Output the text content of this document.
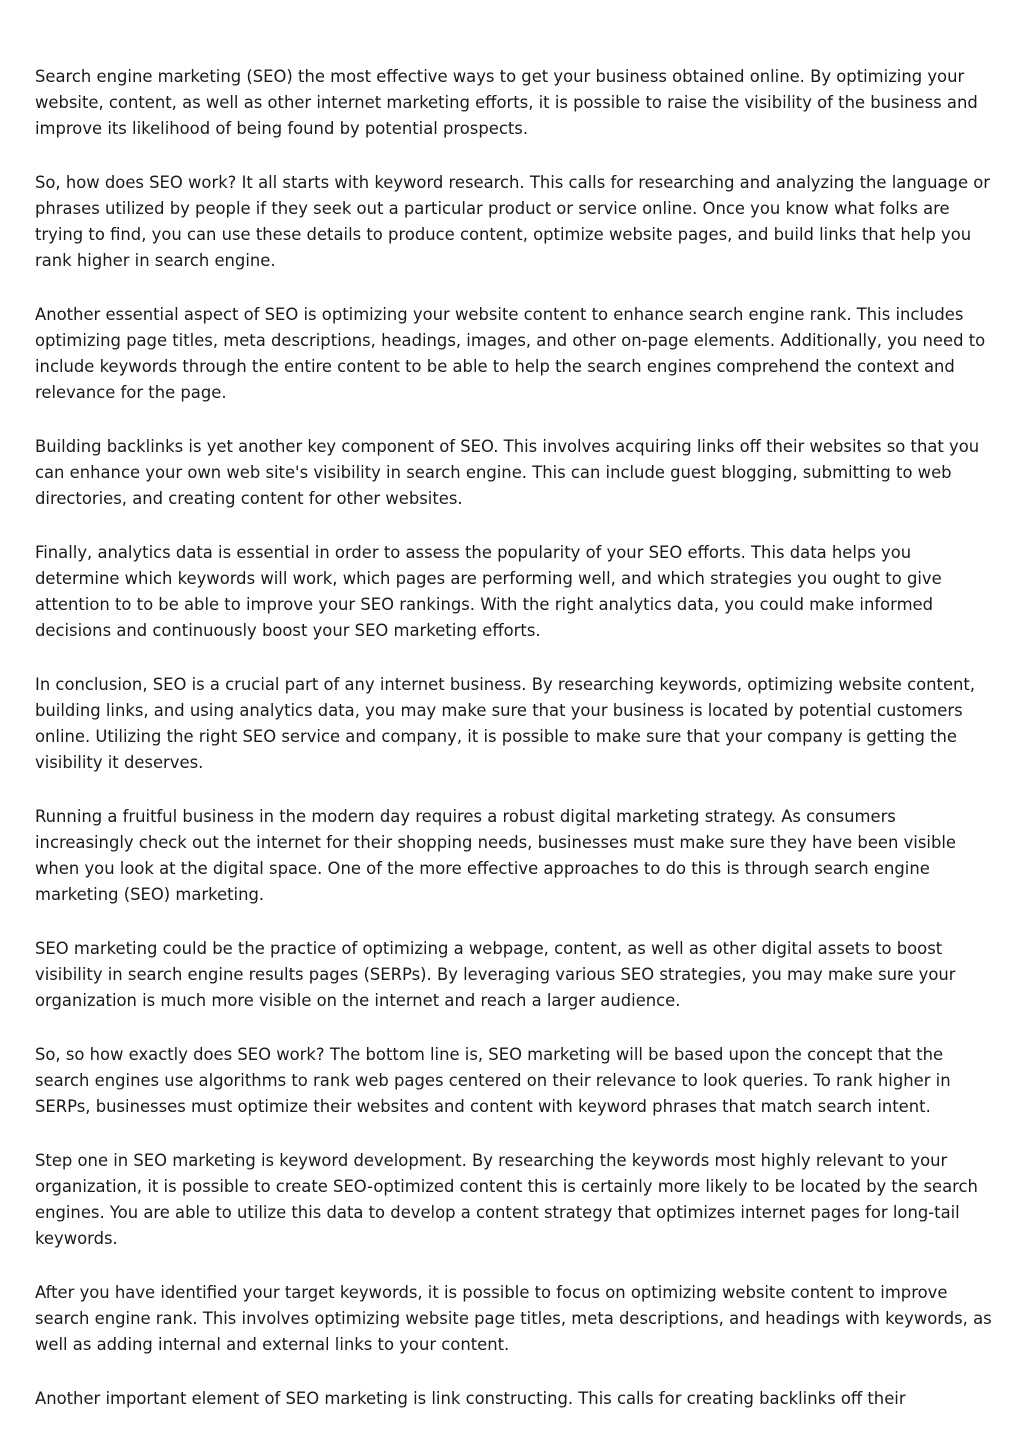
Search engine marketing (SEO) the most effective ways to get your business obtained online. By optimizing your website, content, as well as other internet marketing efforts, it is possible to raise the visibility of the business and improve its likelihood of being found by potential prospects.

So, how does SEO work? It all starts with keyword research. This calls for researching and analyzing the language or phrases utilized by people if they seek out a particular product or service online. Once you know what folks are trying to find, you can use these details to produce content, optimize website pages, and build links that help you rank higher in search engine.

Another essential aspect of SEO is optimizing your website content to enhance search engine rank. This includes optimizing page titles, meta descriptions, headings, images, and other on-page elements. Additionally, you need to include keywords through the entire content to be able to help the search engines comprehend the context and relevance for the page.

Building backlinks is yet another key component of SEO. This involves acquiring links off their websites so that you can enhance your own web site's visibility in search engine. This can include guest blogging, submitting to web directories, and creating content for other websites.

Finally, analytics data is essential in order to assess the popularity of your SEO efforts. This data helps you determine which keywords will work, which pages are performing well, and which strategies you ought to give attention to to be able to improve your SEO rankings. With the right analytics data, you could make informed decisions and continuously boost your SEO marketing efforts.

In conclusion, SEO is a crucial part of any internet business. By researching keywords, optimizing website content, building links, and using analytics data, you may make sure that your business is located by potential customers online. Utilizing the right SEO service and company, it is possible to make sure that your company is getting the visibility it deserves.

Running a fruitful business in the modern day requires a robust digital marketing strategy. As consumers increasingly check out the internet for their shopping needs, businesses must make sure they have been visible when you look at the digital space. One of the more effective approaches to do this is through search engine marketing (SEO) marketing.

SEO marketing could be the practice of optimizing a webpage, content, as well as other digital assets to boost visibility in search engine results pages (SERPs). By leveraging various SEO strategies, you may make sure your organization is much more visible on the internet and reach a larger audience.

So, so how exactly does SEO work? The bottom line is, SEO marketing will be based upon the concept that the search engines use algorithms to rank web pages centered on their relevance to look queries. To rank higher in SERPs, businesses must optimize their websites and content with keyword phrases that match search intent.

Step one in SEO marketing is keyword development. By researching the keywords most highly relevant to your organization, it is possible to create SEO-optimized content this is certainly more likely to be located by the search engines. You are able to utilize this data to develop a content strategy that optimizes internet pages for long-tail keywords.

After you have identified your target keywords, it is possible to focus on optimizing website content to improve search engine rank. This involves optimizing website page titles, meta descriptions, and headings with keywords, as well as adding internal and external links to your content.

Another important element of SEO marketing is link constructing. This calls for creating backlinks off their
